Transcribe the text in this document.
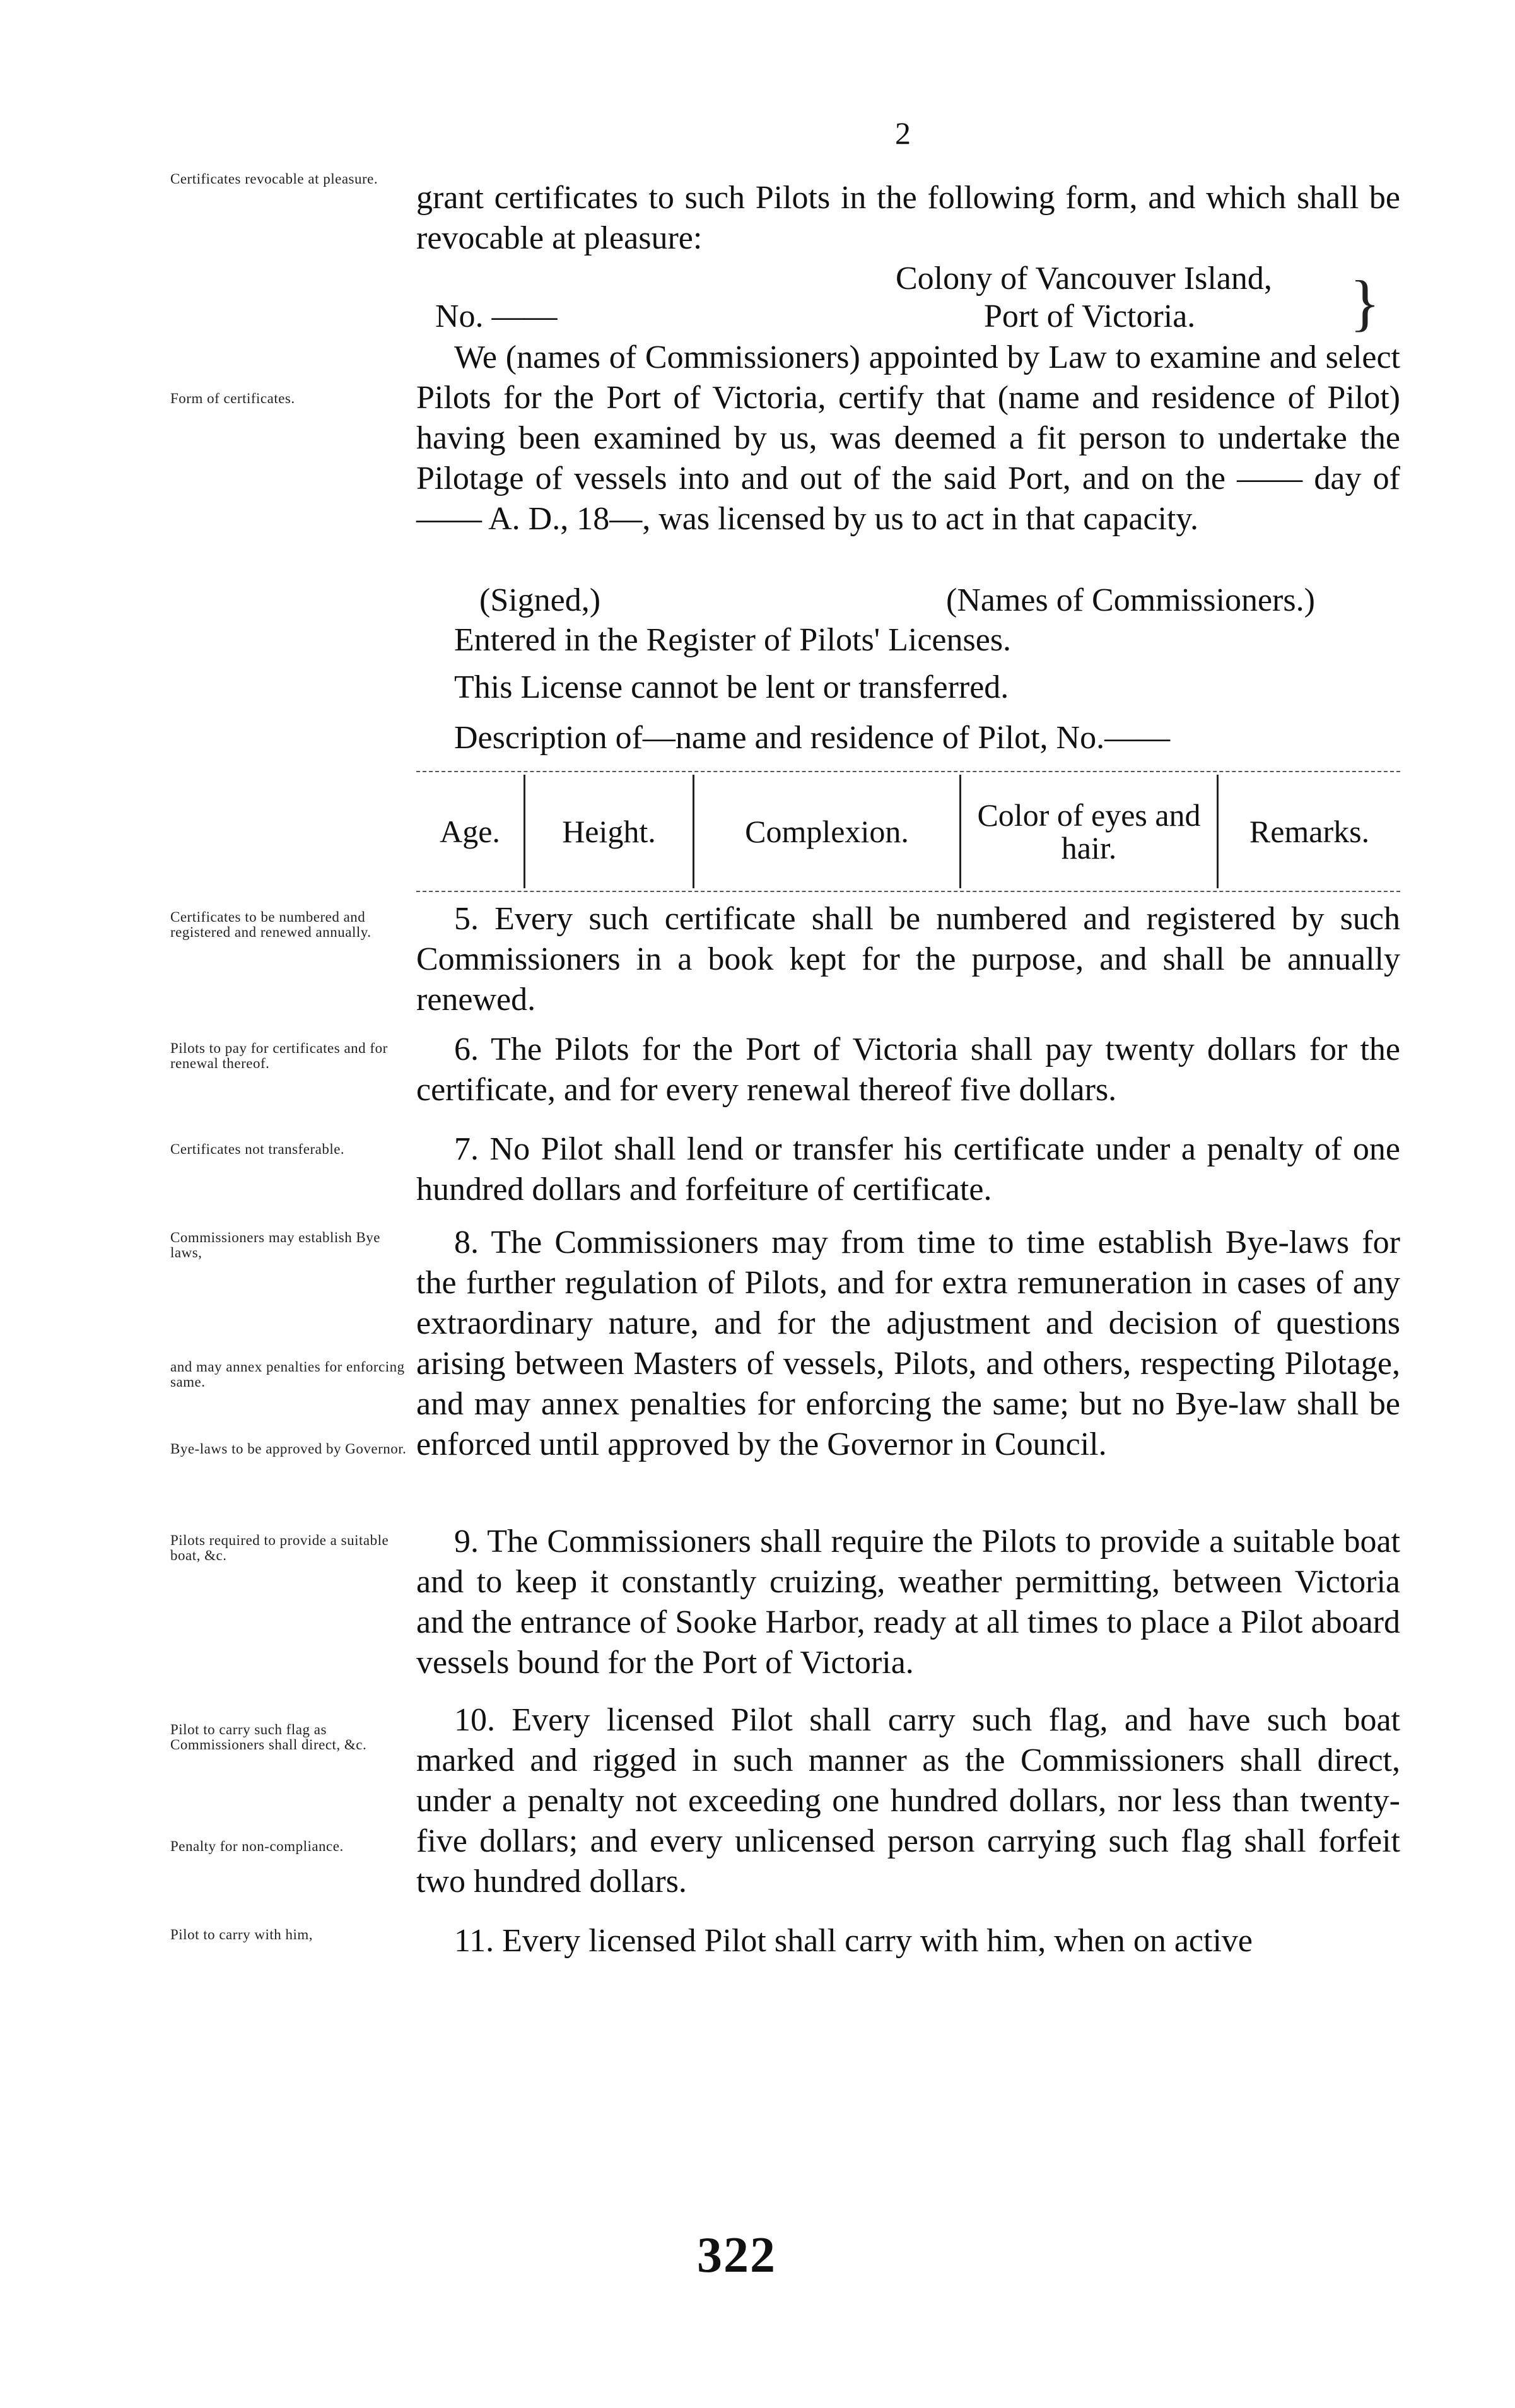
2
Certificates revocable at pleasure.
Form of certificates.
Certificates to be numbered and registered and renewed annually.
Pilots to pay for certificates and for renewal thereof.
Certificates not transferable.
Commissioners may establish Bye laws,
and may annex penalties for enforcing same.
Bye-laws to be approved by Governor.
Pilots required to provide a suitable boat, &c.
Pilot to carry such flag as Commissioners shall direct, &c.
Penalty for non-compliance.
Pilot to carry with him,
grant certificates to such Pilots in the following form, and which shall be revocable at pleasure:
Colony of Vancouver Island,
No. ——	Port of Victoria. }
We (names of Commissioners) appointed by Law to examine and select Pilots for the Port of Victoria, certify that (name and residence of Pilot) having been examined by us, was deemed a fit person to undertake the Pilotage of vessels into and out of the said Port, and on the —— day of —— A. D., 18—, was licensed by us to act in that capacity.
(Signed,)	(Names of Commissioners.)
Entered in the Register of Pilots' Licenses.
This License cannot be lent or transferred.
Description of—name and residence of Pilot, No.——
Age.	Height.	Complexion.	Color of eyes and hair.	Remarks.
5. Every such certificate shall be numbered and registered by such Commissioners in a book kept for the purpose, and shall be annually renewed.
6. The Pilots for the Port of Victoria shall pay twenty dollars for the certificate, and for every renewal thereof five dollars.
7. No Pilot shall lend or transfer his certificate under a penalty of one hundred dollars and forfeiture of certificate.
8. The Commissioners may from time to time establish Bye-laws for the further regulation of Pilots, and for extra remuneration in cases of any extraordinary nature, and for the adjustment and decision of questions arising between Masters of vessels, Pilots, and others, respecting Pilotage, and may annex penalties for enforcing the same; but no Bye-law shall be enforced until approved by the Governor in Council.
9. The Commissioners shall require the Pilots to provide a suitable boat and to keep it constantly cruizing, weather permitting, between Victoria and the entrance of Sooke Harbor, ready at all times to place a Pilot aboard vessels bound for the Port of Victoria.
10. Every licensed Pilot shall carry such flag, and have such boat marked and rigged in such manner as the Commissioners shall direct, under a penalty not exceeding one hundred dollars, nor less than twenty-five dollars; and every unlicensed person carrying such flag shall forfeit two hundred dollars.
11. Every licensed Pilot shall carry with him, when on active
322
